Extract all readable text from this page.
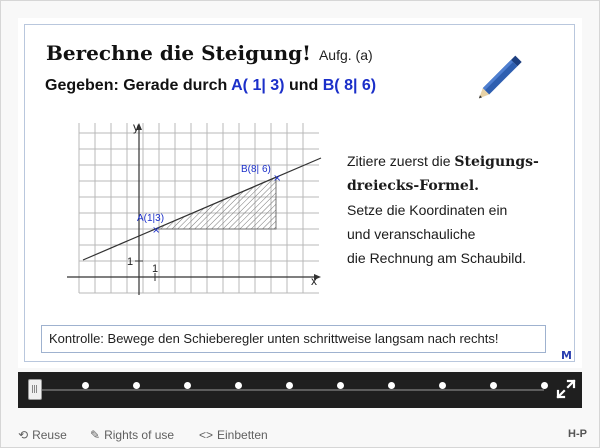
Berechne die Steigung! Aufg. (a)
Gegeben: Gerade durch A( 1| 3) und B( 8| 6)
×
×
A(1|3)
B(8| 6)
x
y
1
1

Zitiere zuerst die Steigungs-

dreiecks-Formel.

Setze die Koordinaten ein

und veranschauliche

die Rechnung am Schaubild.

Kontrolle: Bewege den Schieberegler unten schrittweise langsam nach rechts!
M
⟲ Reuse ✎ Rights of use <> Einbetten	H-P
